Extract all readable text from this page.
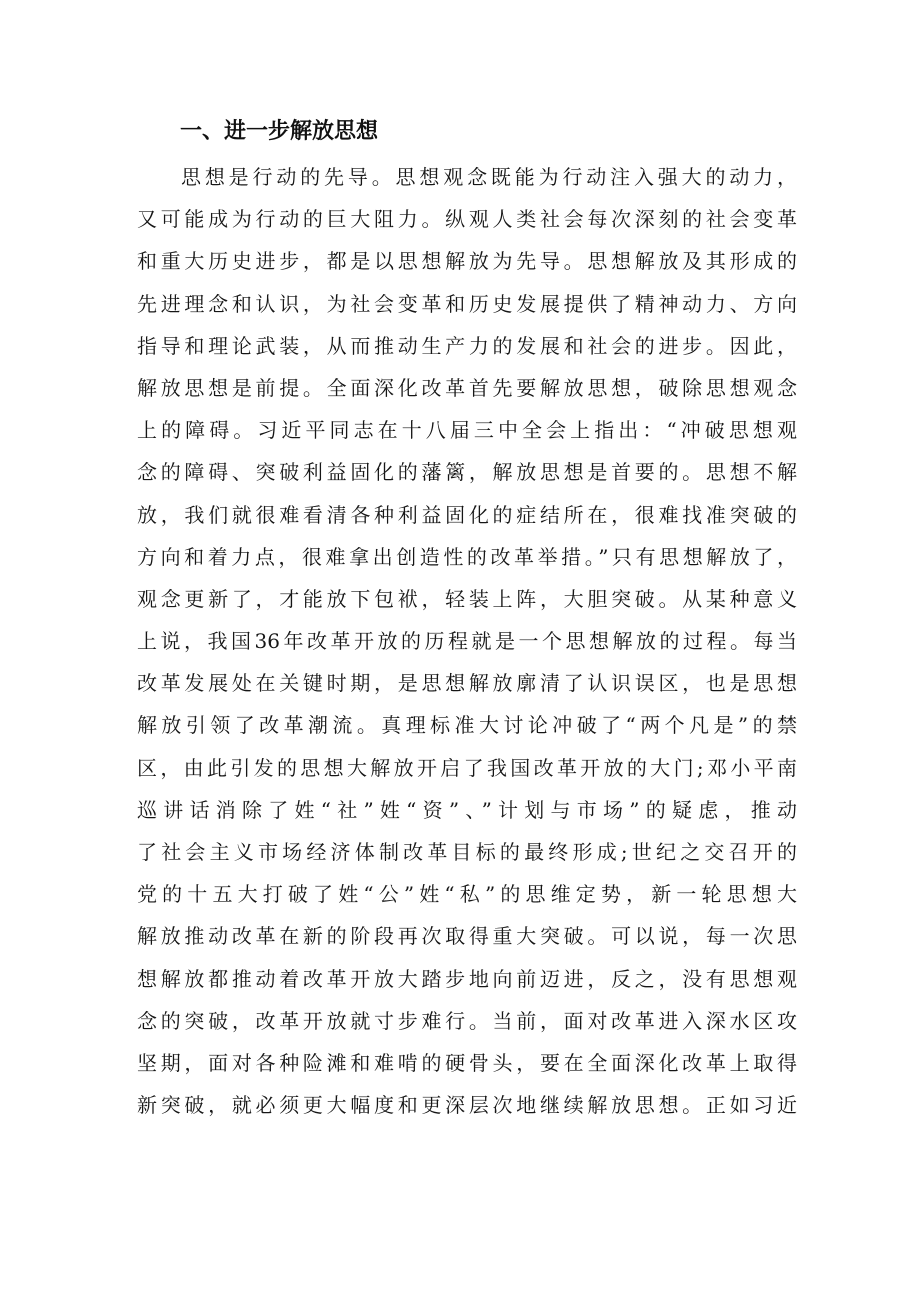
一、进一步解放思想
思想是行动的先导。思想观念既能为行动注入强大的动力，
又可能成为行动的巨大阻力。纵观人类社会每次深刻的社会变革
和重大历史进步，都是以思想解放为先导。思想解放及其形成的
先进理念和认识，为社会变革和历史发展提供了精神动力、方向
指导和理论武装，从而推动生产力的发展和社会的进步。因此，
解放思想是前提。全面深化改革首先要解放思想，破除思想观念
上的障碍。习近平同志在十八届三中全会上指出：“冲破思想观
念的障碍、突破利益固化的藩篱，解放思想是首要的。思想不解
放，我们就很难看清各种利益固化的症结所在，很难找准突破的
方向和着力点，很难拿出创造性的改革举措。”只有思想解放了，
观念更新了，才能放下包袱，轻装上阵，大胆突破。从某种意义
上说，我国36年改革开放的历程就是一个思想解放的过程。每当
改革发展处在关键时期，是思想解放廓清了认识误区，也是思想
解放引领了改革潮流。真理标准大讨论冲破了“两个凡是”的禁
区，由此引发的思想大解放开启了我国改革开放的大门;邓小平南
巡讲话消除了姓“社”姓“资”、”计划与市场”的疑虑，推动
了社会主义市场经济体制改革目标的最终形成;世纪之交召开的
党的十五大打破了姓“公”姓“私”的思维定势，新一轮思想大
解放推动改革在新的阶段再次取得重大突破。可以说，每一次思
想解放都推动着改革开放大踏步地向前迈进，反之，没有思想观
念的突破，改革开放就寸步难行。当前，面对改革进入深水区攻
坚期，面对各种险滩和难啃的硬骨头，要在全面深化改革上取得
新突破，就必须更大幅度和更深层次地继续解放思想。正如习近
